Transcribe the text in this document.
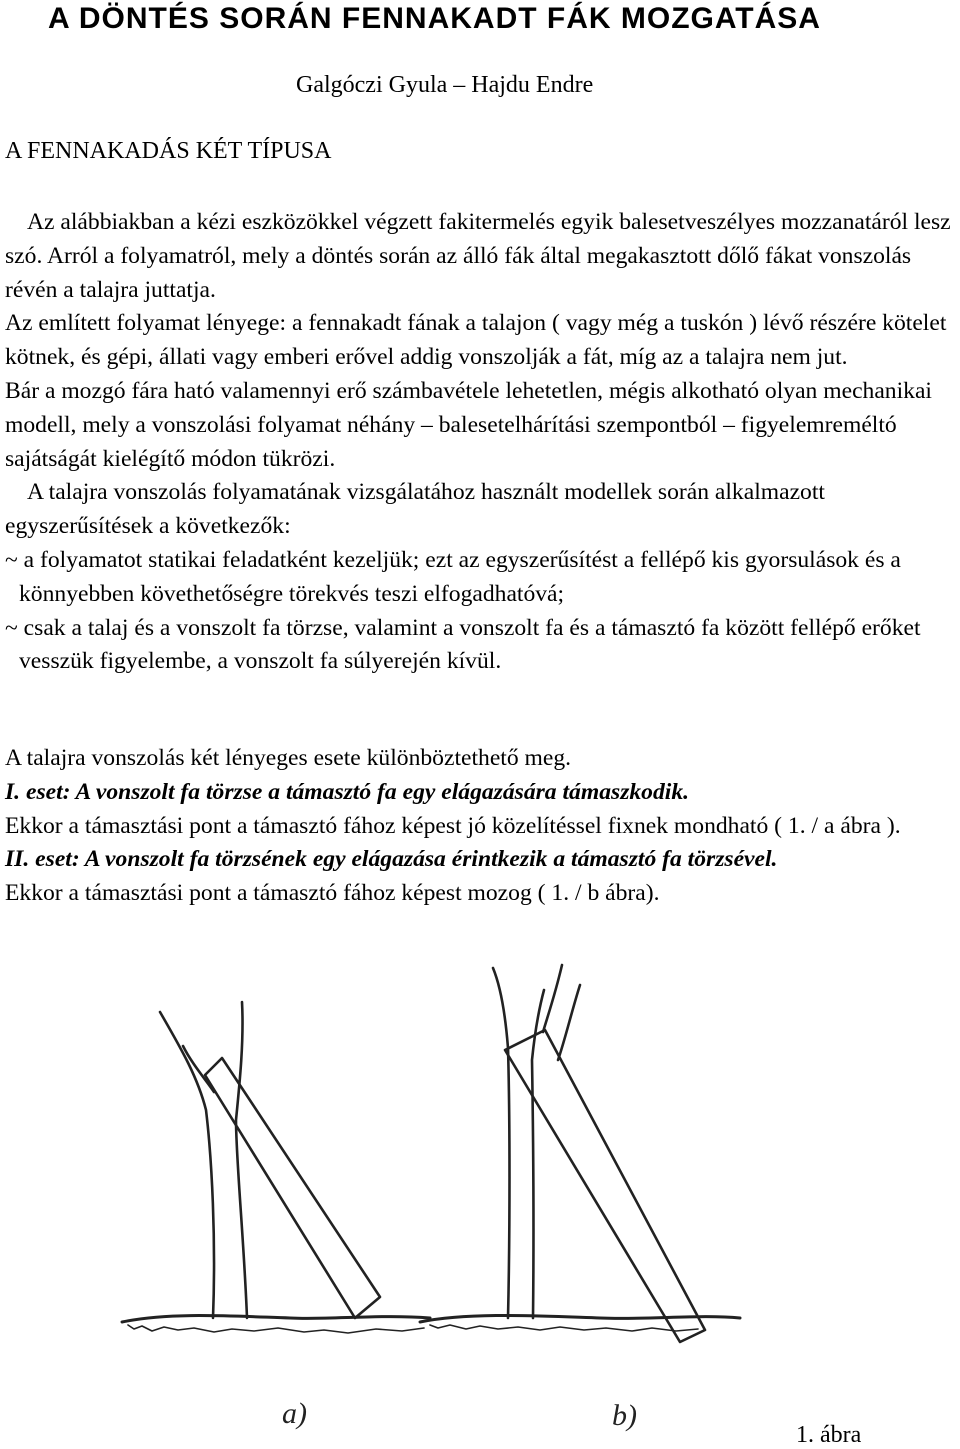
A DÖNTÉS SORÁN FENNAKADT FÁK MOZGATÁSA
Galgóczi Gyula – Hajdu Endre
A FENNAKADÁS KÉT TÍPUSA

Az alábbiakban a kézi eszközökkel végzett fakitermelés egyik balesetveszélyes mozzanatáról lesz szó. Arról a folyamatról, mely a döntés során az álló fák által megakasztott dőlő fákat vonszolás révén a talajra juttatja.

Az említett folyamat lényege: a fennakadt fának a talajon ( vagy még a tuskón ) lévő részére kötelet kötnek, és gépi, állati vagy emberi erővel addig vonszolják a fát, míg az a talajra nem jut.

Bár a mozgó fára ható valamennyi erő számbavétele lehetetlen, mégis alkotható olyan mechanikai modell, mely a vonszolási folyamat néhány – balesetelhárítási szempontból – figyelemreméltó sajátságát kielégítő módon tükrözi.

A talajra vonszolás folyamatának vizsgálatához használt modellek során alkalmazott egyszerűsítések a következők:

~ a folyamatot statikai feladatként kezeljük; ezt az egyszerűsítést a fellépő kis gyorsulások és a könnyebben követhetőségre törekvés teszi elfogadhatóvá;

~ csak a talaj és a vonszolt fa törzse, valamint a vonszolt fa és a támasztó fa között fellépő erőket vesszük figyelembe, a vonszolt fa súlyerején kívül.

A talajra vonszolás két lényeges esete különböztethető meg.

I. eset: A vonszolt fa törzse a támasztó fa egy elágazására támaszkodik.

Ekkor a támasztási pont a támasztó fához képest jó közelítéssel fixnek mondható ( 1. / a ábra ).

II. eset: A vonszolt fa törzsének egy elágazása érintkezik a támasztó fa törzsével.

Ekkor a támasztási pont a támasztó fához képest mozog ( 1. / b ábra).

a)	b)
1. ábra
